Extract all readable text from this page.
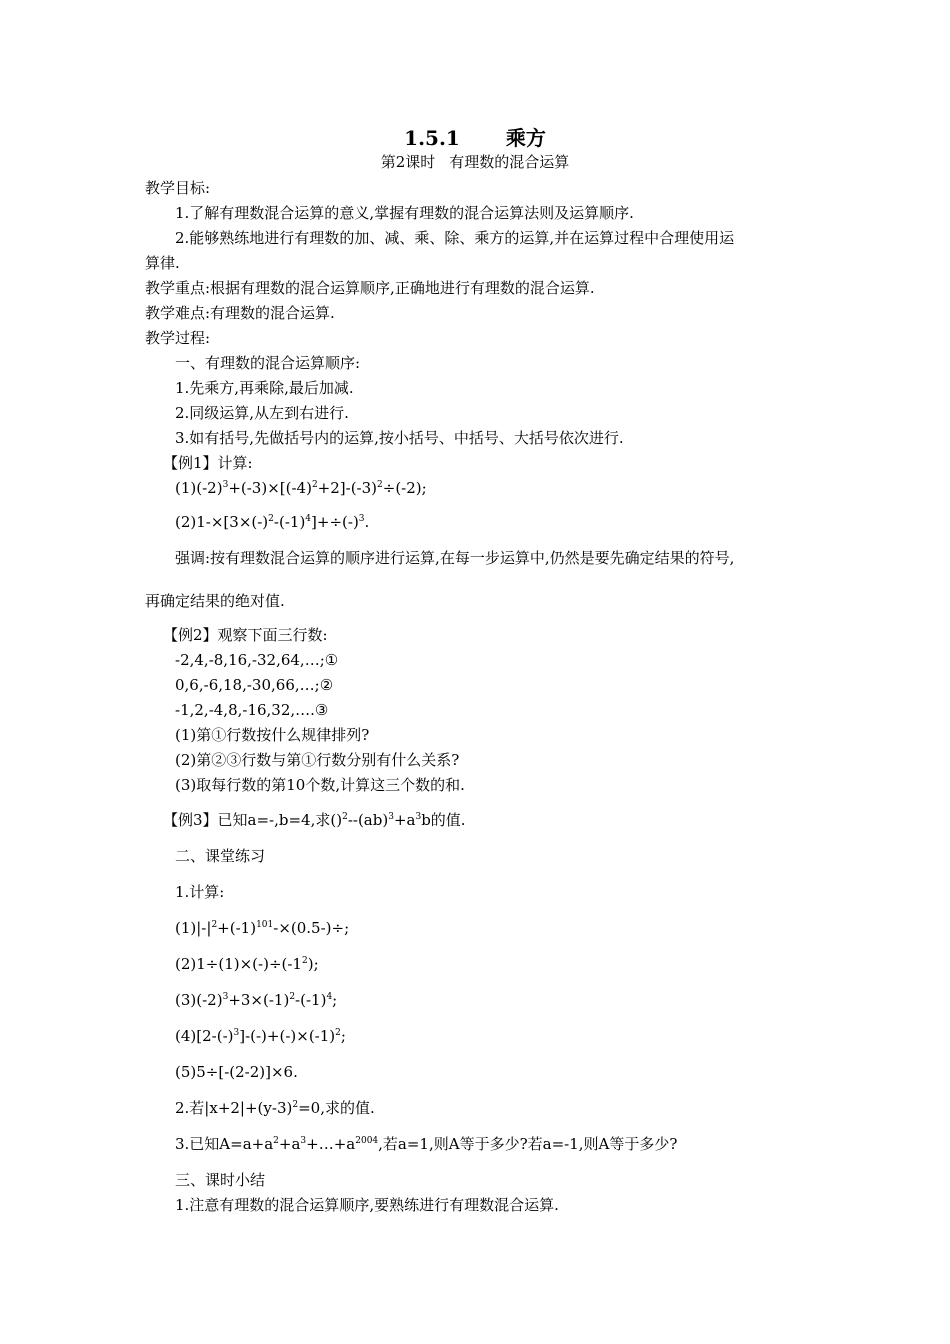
1.5.1 乘方
第2课时 有理数的混合运算
教学目标:
1.了解有理数混合运算的意义,掌握有理数的混合运算法则及运算顺序.
2.能够熟练地进行有理数的加、减、乘、除、乘方的运算,并在运算过程中合理使用运
算律.
教学重点:根据有理数的混合运算顺序,正确地进行有理数的混合运算.
教学难点:有理数的混合运算.
教学过程:
一、有理数的混合运算顺序:
1.先乘方,再乘除,最后加减.
2.同级运算,从左到右进行.
3.如有括号,先做括号内的运算,按小括号、中括号、大括号依次进行.
【例1】计算:
$(1)(-2)^3+(-3)\times[(-4)^2+2]-(-3)^2\div(-2)$;
$(2)1-\times[3\times(-)^2-(-1)^4]+\div(-)^3$.
强调:按有理数混合运算的顺序进行运算,在每一步运算中,仍然是要先确定结果的符号,
再确定结果的绝对值.
【例2】观察下面三行数:
-2,4,-8,16,-32,64,…;①
0,6,-6,18,-30,66,…;②
-1,2,-4,8,-16,32,….③
(1)第①行数按什么规律排列?
(2)第②③行数与第①行数分别有什么关系?
(3)取每行数的第10个数,计算这三个数的和.
【例3】已知a=-,b=4,求$()^2--(ab)^3+a^3b$的值.
二、课堂练习
1.计算:
$(1)|-|^2+(-1)^{101}-\times(0.5-)\div$;
$(2)1\div(1)\times(-)\div(-1^2)$;
$(3)(-2)^3+3\times(-1)^2-(-1)^4$;
$(4)[2-(-)^3]-(-)+(-)\times(-1)^2$;
(5)5÷[-(2-2)]×6.
2.若$|x+2|+(y-3)^2=0$,求的值.
3.已知$A=a+a^2+a^3+\dots+a^{2004}$,若a=1,则A等于多少?若a=-1,则A等于多少?
三、课时小结
1.注意有理数的混合运算顺序,要熟练进行有理数混合运算.
